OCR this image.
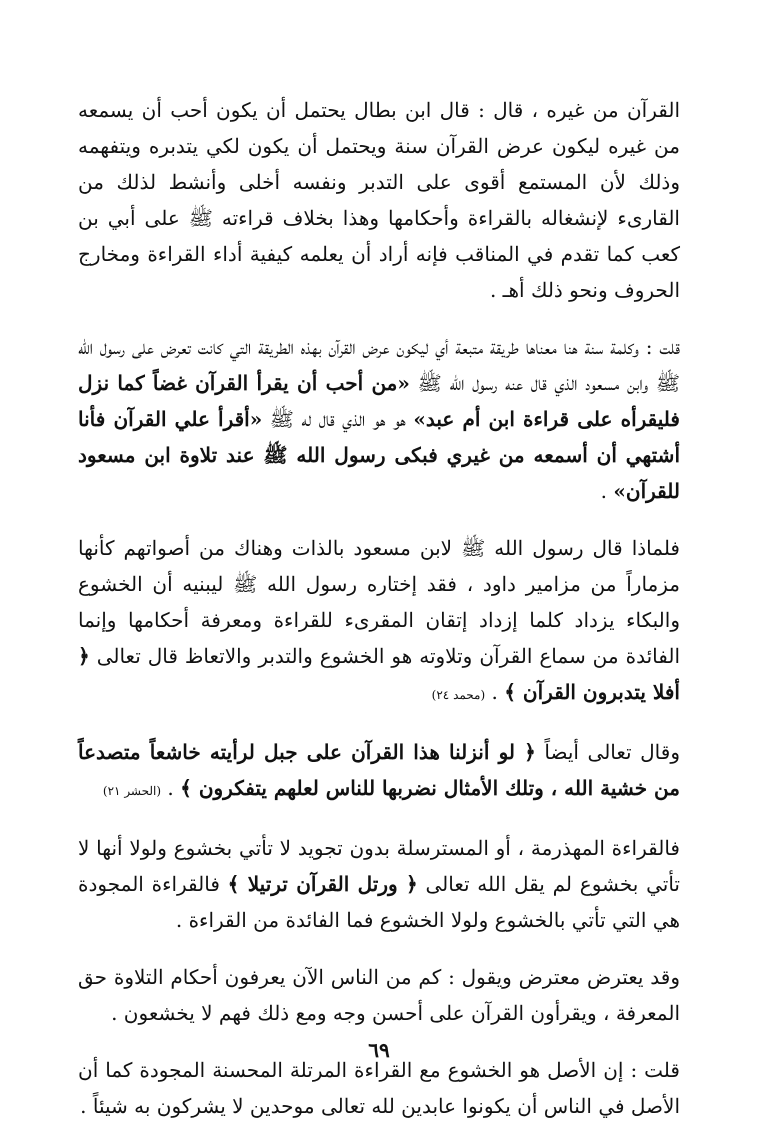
القرآن من غيره ، قال : قال ابن بطال يحتمل أن يكون أحب أن يسمعه من غيره ليكون عرض القرآن سنة ويحتمل أن يكون لكي يتدبره ويتفهمه وذلك لأن المستمع أقوى على التدبر ونفسه أخلى وأنشط لذلك من القارىء لإنشغاله بالقراءة وأحكامها وهذا بخلاف قراءته ﷺ على أبي بن كعب كما تقدم في المناقب فإنه أراد أن يعلمه كيفية أداء القراءة ومخارج الحروف ونحو ذلك أهـ .

قلت : وكلمة سنة هنا معناها طريقة متبعة أي ليكون عرض القرآن بهذه الطريقة التي كانت تعرض على رسول الله ﷺ وابن مسعود الذي قال عنه رسول الله ﷺ «من أحب أن يقرأ القرآن غضاً كما نزل فليقرأه على قراءة ابن أم عبد» هو هو الذي قال له ﷺ «أقرأ علي القرآن فأنا أشتهي أن أسمعه من غيري فبكى رسول الله ﷺ عند تلاوة ابن مسعود للقرآن» .

فلماذا قال رسول الله ﷺ لابن مسعود بالذات وهناك من أصواتهم كأنها مزماراً من مزامير داود ، فقد إختاره رسول الله ﷺ ليبنيه أن الخشوع والبكاء يزداد كلما إزداد إتقان المقرىء للقراءة ومعرفة أحكامها وإنما الفائدة من سماع القرآن وتلاوته هو الخشوع والتدبر والاتعاظ قال تعالى ﴿ أفلا يتدبرون القرآن ﴾ . (محمد ٢٤)

وقال تعالى أيضاً ﴿ لو أنزلنا هذا القرآن على جبل لرأيته خاشعاً متصدعاً من خشية الله ، وتلك الأمثال نضربها للناس لعلهم يتفكرون ﴾ . (الحشر ٢١)

فالقراءة المهذرمة ، أو المسترسلة بدون تجويد لا تأتي بخشوع ولولا أنها لا تأتي بخشوع لم يقل الله تعالى ﴿ ورتل القرآن ترتيلا ﴾ فالقراءة المجودة هي التي تأتي بالخشوع ولولا الخشوع فما الفائدة من القراءة .

وقد يعترض معترض ويقول : كم من الناس الآن يعرفون أحكام التلاوة حق المعرفة ، ويقرأون القرآن على أحسن وجه ومع ذلك فهم لا يخشعون .

قلت : إن الأصل هو الخشوع مع القراءة المرتلة المحسنة المجودة كما أن الأصل في الناس أن يكونوا عابدين لله تعالى موحدين لا يشركون به شيئاً .

٦٩
